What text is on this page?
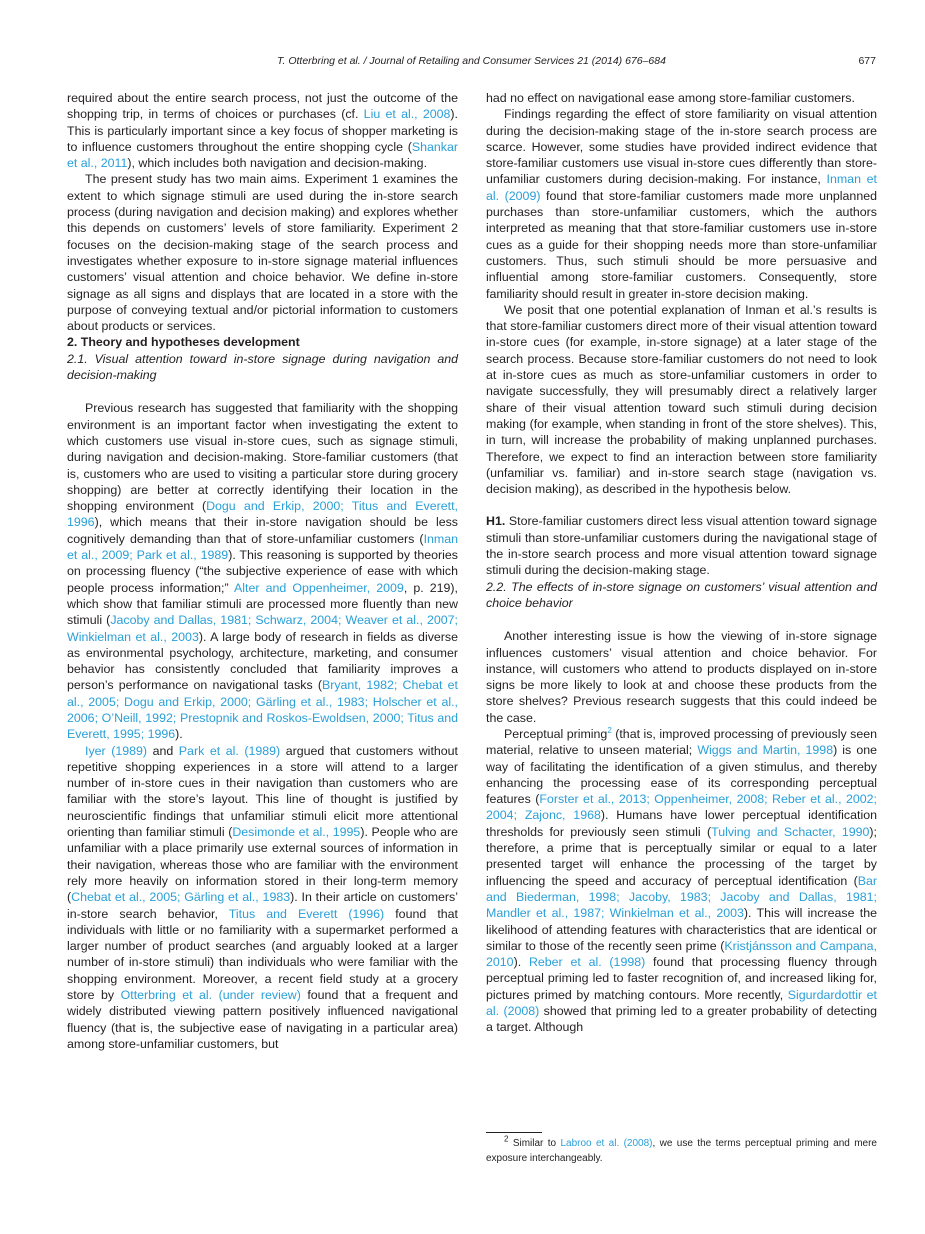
T. Otterbring et al. / Journal of Retailing and Consumer Services 21 (2014) 676–684	677

required about the entire search process, not just the outcome of the shopping trip, in terms of choices or purchases (cf. Liu et al., 2008). This is particularly important since a key focus of shopper marketing is to influence customers throughout the entire shopping cycle (Shankar et al., 2011), which includes both navigation and decision-making.

The present study has two main aims. Experiment 1 examines the extent to which signage stimuli are used during the in-store search process (during navigation and decision making) and explores whether this depends on customers’ levels of store familiarity. Experiment 2 focuses on the decision-making stage of the search process and investigates whether exposure to in-store signage material influences customers’ visual attention and choice behavior. We define in-store signage as all signs and displays that are located in a store with the purpose of conveying textual and/or pictorial information to customers about products or services.

2. Theory and hypotheses development

2.1. Visual attention toward in-store signage during navigation and decision-making

Previous research has suggested that familiarity with the shopping environment is an important factor when investigating the extent to which customers use visual in-store cues, such as signage stimuli, during navigation and decision-making. Store-familiar customers (that is, customers who are used to visiting a particular store during grocery shopping) are better at correctly identifying their location in the shopping environment (Dogu and Erkip, 2000; Titus and Everett, 1996), which means that their in-store navigation should be less cognitively demanding than that of store-unfamiliar customers (Inman et al., 2009; Park et al., 1989). This reasoning is supported by theories on processing fluency (“the subjective experience of ease with which people process information;” Alter and Oppenheimer, 2009, p. 219), which show that familiar stimuli are processed more fluently than new stimuli (Jacoby and Dallas, 1981; Schwarz, 2004; Weaver et al., 2007; Winkielman et al., 2003). A large body of research in fields as diverse as environmental psychology, architecture, marketing, and consumer behavior has consistently concluded that familiarity improves a person’s performance on navigational tasks (Bryant, 1982; Chebat et al., 2005; Dogu and Erkip, 2000; Gärling et al., 1983; Holscher et al., 2006; O’Neill, 1992; Prestopnik and Roskos-Ewoldsen, 2000; Titus and Everett, 1995; 1996).

Iyer (1989) and Park et al. (1989) argued that customers without repetitive shopping experiences in a store will attend to a larger number of in-store cues in their navigation than customers who are familiar with the store’s layout. This line of thought is justified by neuroscientific findings that unfamiliar stimuli elicit more attentional orienting than familiar stimuli (Desimonde et al., 1995). People who are unfamiliar with a place primarily use external sources of information in their navigation, whereas those who are familiar with the environment rely more heavily on information stored in their long-term memory (Chebat et al., 2005; Gärling et al., 1983). In their article on customers’ in-store search behavior, Titus and Everett (1996) found that individuals with little or no familiarity with a supermarket performed a larger number of product searches (and arguably looked at a larger number of in-store stimuli) than individuals who were familiar with the shopping environment. Moreover, a recent field study at a grocery store by Otterbring et al. (under review) found that a frequent and widely distributed viewing pattern positively influenced navigational fluency (that is, the subjective ease of navigating in a particular area) among store-unfamiliar customers, but

had no effect on navigational ease among store-familiar customers.

Findings regarding the effect of store familiarity on visual attention during the decision-making stage of the in-store search process are scarce. However, some studies have provided indirect evidence that store-familiar customers use visual in-store cues differently than store-unfamiliar customers during decision-making. For instance, Inman et al. (2009) found that store-familiar customers made more unplanned purchases than store-unfamiliar customers, which the authors interpreted as meaning that that store-familiar customers use in-store cues as a guide for their shopping needs more than store-unfamiliar customers. Thus, such stimuli should be more persuasive and influential among store-familiar customers. Consequently, store familiarity should result in greater in-store decision making.

We posit that one potential explanation of Inman et al.’s results is that store-familiar customers direct more of their visual attention toward in-store cues (for example, in-store signage) at a later stage of the search process. Because store-familiar customers do not need to look at in-store cues as much as store-unfamiliar customers in order to navigate successfully, they will presumably direct a relatively larger share of their visual attention toward such stimuli during decision making (for example, when standing in front of the store shelves). This, in turn, will increase the probability of making unplanned purchases. Therefore, we expect to find an interaction between store familiarity (unfamiliar vs. familiar) and in-store search stage (navigation vs. decision making), as described in the hypothesis below.

H1. Store-familiar customers direct less visual attention toward signage stimuli than store-unfamiliar customers during the navigational stage of the in-store search process and more visual attention toward signage stimuli during the decision-making stage.

2.2. The effects of in-store signage on customers’ visual attention and choice behavior

Another interesting issue is how the viewing of in-store signage influences customers’ visual attention and choice behavior. For instance, will customers who attend to products displayed on in-store signs be more likely to look at and choose these products from the store shelves? Previous research suggests that this could indeed be the case.

Perceptual priming$^2$ (that is, improved processing of previously seen material, relative to unseen material; Wiggs and Martin, 1998) is one way of facilitating the identification of a given stimulus, and thereby enhancing the processing ease of its corresponding perceptual features (Forster et al., 2013; Oppenheimer, 2008; Reber et al., 2002; 2004; Zajonc, 1968). Humans have lower perceptual identification thresholds for previously seen stimuli (Tulving and Schacter, 1990); therefore, a prime that is perceptually similar or equal to a later presented target will enhance the processing of the target by influencing the speed and accuracy of perceptual identification (Bar and Biederman, 1998; Jacoby, 1983; Jacoby and Dallas, 1981; Mandler et al., 1987; Winkielman et al., 2003). This will increase the likelihood of attending features with characteristics that are identical or similar to those of the recently seen prime (Kristjánsson and Campana, 2010). Reber et al. (1998) found that processing fluency through perceptual priming led to faster recognition of, and increased liking for, pictures primed by matching contours. More recently, Sigurdardottir et al. (2008) showed that priming led to a greater probability of detecting a target. Although

$^2$ Similar to Labroo et al. (2008), we use the terms perceptual priming and mere exposure interchangeably.
